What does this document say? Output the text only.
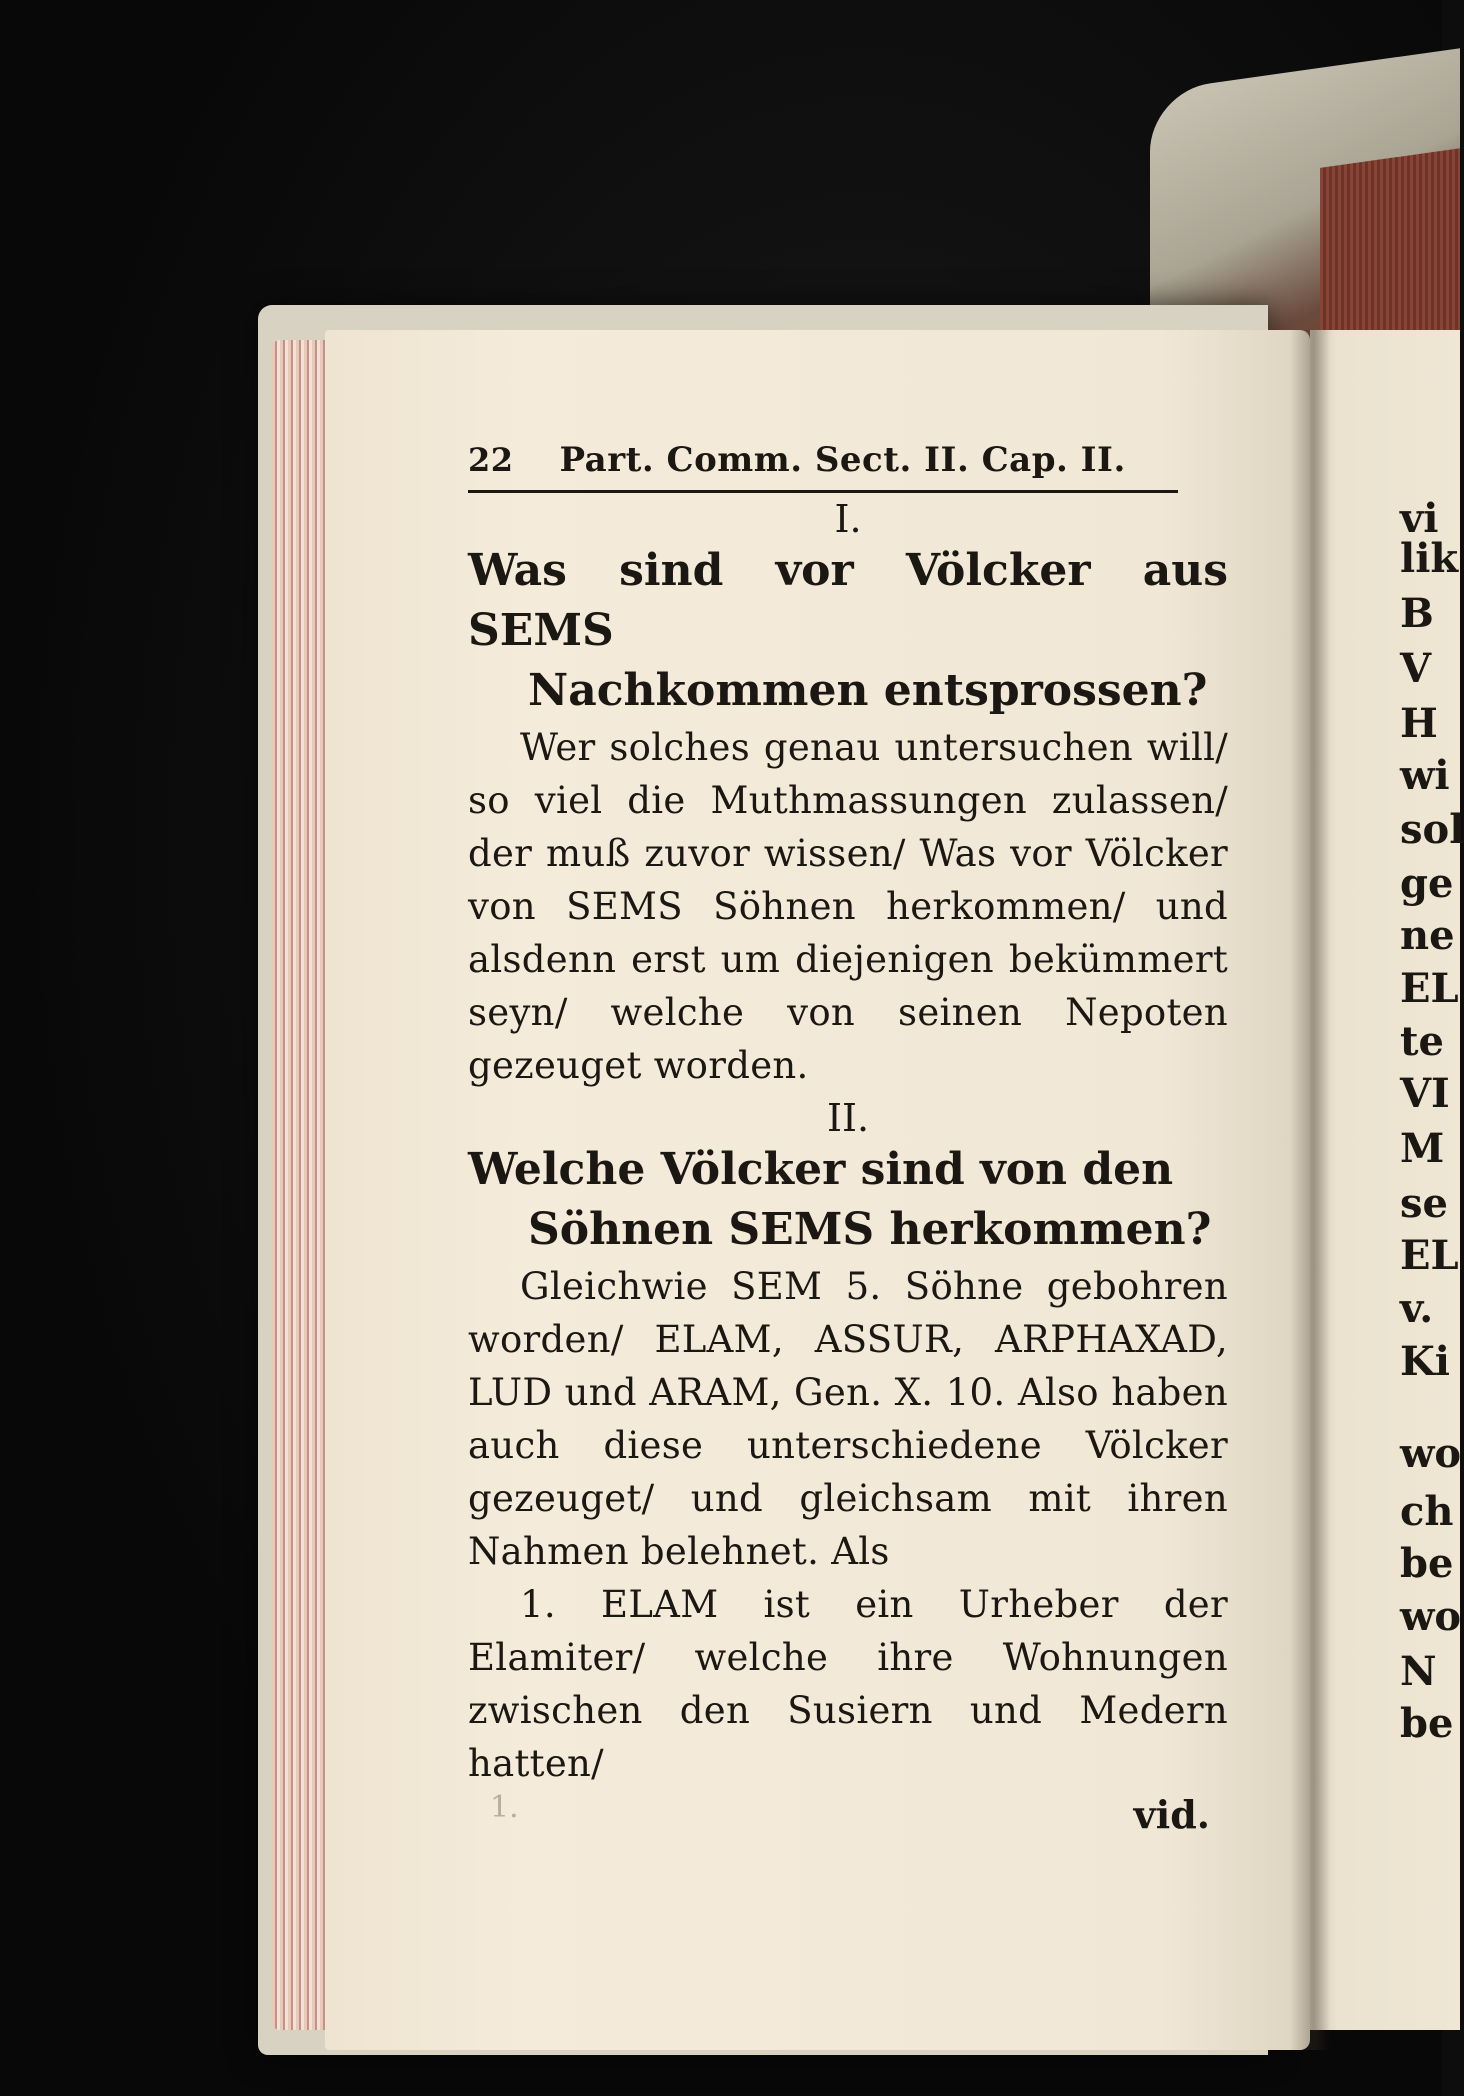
22 Part. Comm. Sect. II. Cap. II.
I.
Was sind vor Völcker aus SEMS
Nachkommen entsprossen?

Wer solches genau untersuchen will/ so viel die Muthmassungen zulassen/ der muß zuvor wissen/ Was vor Völcker von SEMS Söhnen herkommen/ und alsdenn erst um diejenigen bekümmert seyn/ welche von seinen Nepoten gezeuget worden.

II.
Welche Völcker sind von den
Söhnen SEMS herkommen?

Gleichwie SEM 5. Söhne gebohren worden/ ELAM, ASSUR, ARPHAXAD, LUD und ARAM, Gen. X. 10. Also haben auch diese unterschiedene Völcker gezeuget/ und gleichsam mit ihren Nahmen belehnet. Als

1. ELAM ist ein Urheber der Elamiter/ welche ihre Wohnungen zwischen den Susiern und Medern hatten/

vid.
1.
vi
lik
B
V
H
wi
sol
ge
ne
EL
te
VI
M
se
EL
v.
Ki
wo
ch
be
wo
N
be
